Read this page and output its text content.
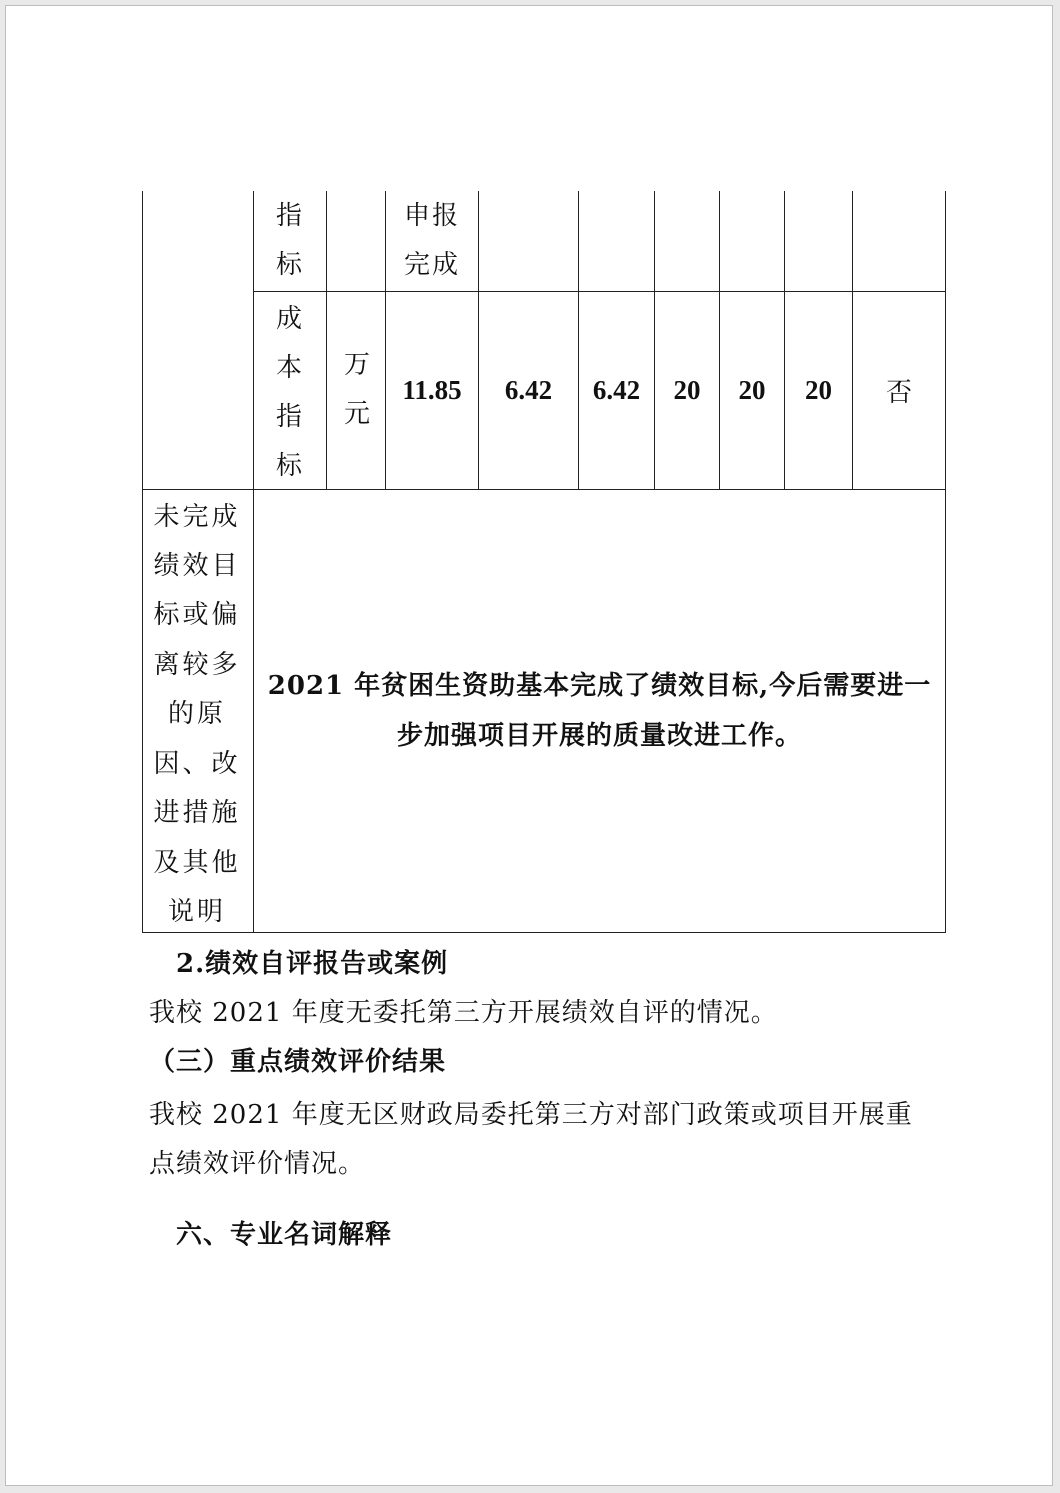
指标
申报完成
成本指标
万元
11.85 6.42 6.42 20 20 20 否
未完成绩效目标或偏离较多的原因、改进措施及其他说明
2021 年贫困生资助基本完成了绩效目标,今后需要进一
步加强项目开展的质量改进工作。

2.绩效自评报告或案例

我校 2021 年度无委托第三方开展绩效自评的情况。

（三）重点绩效评价结果

我校 2021 年度无区财政局委托第三方对部门政策或项目开展重

点绩效评价情况。

六、专业名词解释
